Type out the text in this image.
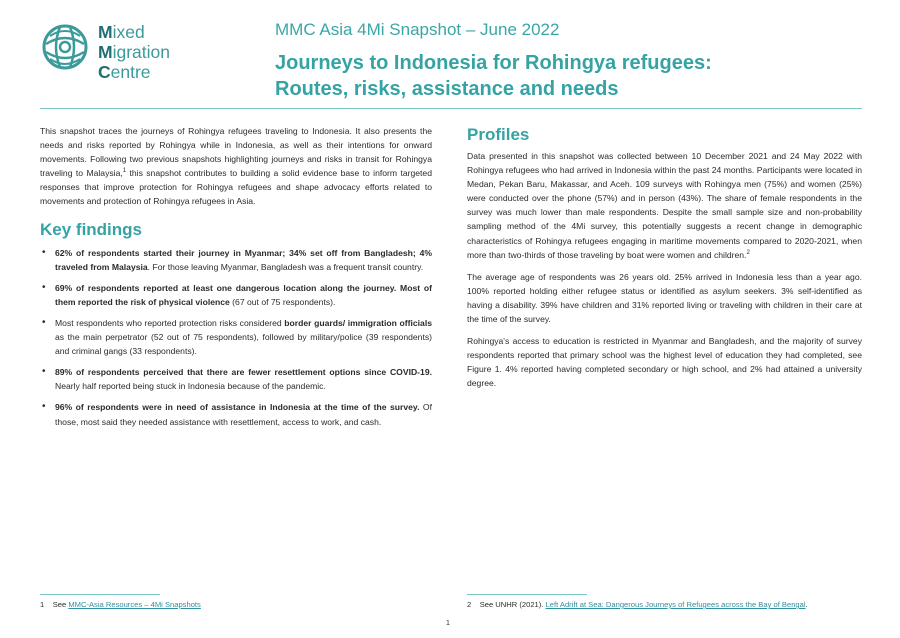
Mixed
Migration
Centre
MMC Asia 4Mi Snapshot – June 2022
Journeys to Indonesia for Rohingya refugees:
Routes, risks, assistance and needs

This snapshot traces the journeys of Rohingya refugees traveling to Indonesia. It also presents the needs and risks reported by Rohingya while in Indonesia, as well as their intentions for onward movements. Following two previous snapshots highlighting journeys and risks in transit for Rohingya traveling to Malaysia,$^1$ this snapshot contributes to building a solid evidence base to inform targeted responses that improve protection for Rohingya refugees and shape advocacy efforts related to movements and protection of Rohingya refugees in Asia.

Key findings
• 62% of respondents started their journey in Myanmar; 34% set off from Bangladesh; 4% traveled from Malaysia. For those leaving Myanmar, Bangladesh was a frequent transit country.
• 69% of respondents reported at least one dangerous location along the journey. Most of them reported the risk of physical violence (67 out of 75 respondents).
• Most respondents who reported protection risks considered border guards/ immigration officials as the main perpetrator (52 out of 75 respondents), followed by military/police (39 respondents) and criminal gangs (33 respondents).
• 89% of respondents perceived that there are fewer resettlement options since COVID-19. Nearly half reported being stuck in Indonesia because of the pandemic.
• 96% of respondents were in need of assistance in Indonesia at the time of the survey. Of those, most said they needed assistance with resettlement, access to work, and cash.
Profiles

Data presented in this snapshot was collected between 10 December 2021 and 24 May 2022 with Rohingya refugees who had arrived in Indonesia within the past 24 months. Participants were located in Medan, Pekan Baru, Makassar, and Aceh. 109 surveys with Rohingya men (75%) and women (25%) were conducted over the phone (57%) and in person (43%). The share of female respondents in the survey was much lower than male respondents. Despite the small sample size and non-probability sampling method of the 4Mi survey, this potentially suggests a recent change in demographic characteristics of Rohingya refugees engaging in maritime movements compared to 2020-2021, when more than two-thirds of those traveling by boat were women and children.$^2$

The average age of respondents was 26 years old. 25% arrived in Indonesia less than a year ago. 100% reported holding either refugee status or identified as asylum seekers. 3% self-identified as having a disability. 39% have children and 31% reported living or traveling with children in their care at the time of the survey.

Rohingya's access to education is restricted in Myanmar and Bangladesh, and the majority of survey respondents reported that primary school was the highest level of education they had completed, see Figure 1. 4% reported having completed secondary or high school, and 2% had attained a university degree.

1 See MMC-Asia Resources – 4Mi Snapshots	2 See UNHR (2021). Left Adrift at Sea: Dangerous Journeys of Refugees across the Bay of Bengal.
1
